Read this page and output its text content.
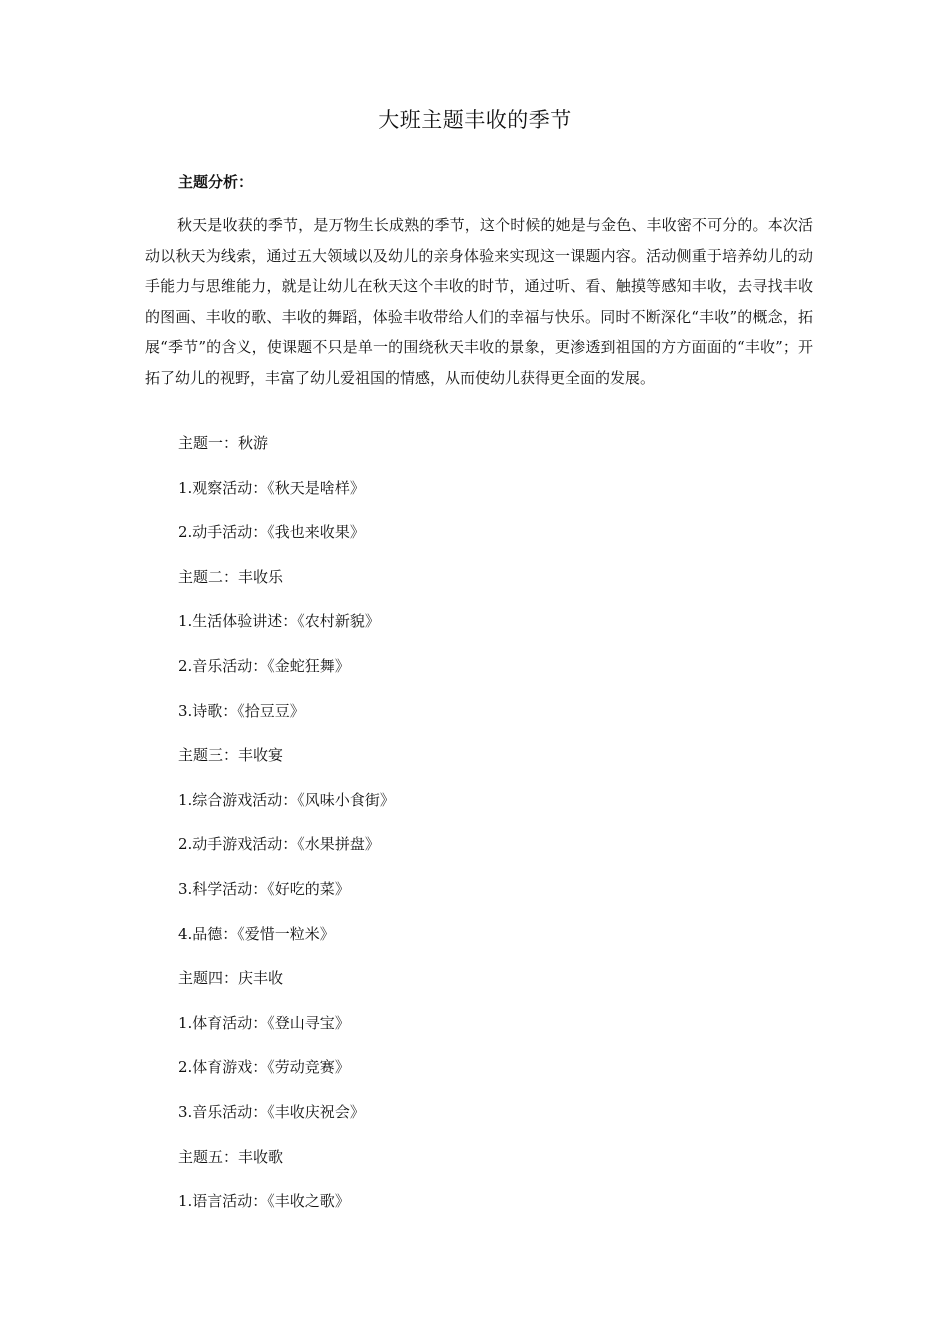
大班主题丰收的季节
主题分析：
秋天是收获的季节，是万物生长成熟的季节，这个时候的她是与金色、丰收密不可分的。本次活动以秋天为线索，通过五大领域以及幼儿的亲身体验来实现这一课题内容。活动侧重于培养幼儿的动手能力与思维能力，就是让幼儿在秋天这个丰收的时节，通过听、看、触摸等感知丰收，去寻找丰收的图画、丰收的歌、丰收的舞蹈，体验丰收带给人们的幸福与快乐。同时不断深化“丰收”的概念，拓展“季节”的含义，使课题不只是单一的围绕秋天丰收的景象，更渗透到祖国的方方面面的“丰收”；开拓了幼儿的视野，丰富了幼儿爱祖国的情感，从而使幼儿获得更全面的发展。
主题一：秋游
1.观察活动：《秋天是啥样》
2.动手活动：《我也来收果》
主题二：丰收乐
1.生活体验讲述：《农村新貌》
2.音乐活动：《金蛇狂舞》
3.诗歌：《拾豆豆》
主题三：丰收宴
1.综合游戏活动：《风味小食街》
2.动手游戏活动：《水果拼盘》
3.科学活动：《好吃的菜》
4.品德：《爱惜一粒米》
主题四：庆丰收
1.体育活动：《登山寻宝》
2.体育游戏：《劳动竞赛》
3.音乐活动：《丰收庆祝会》
主题五：丰收歌
1.语言活动：《丰收之歌》
